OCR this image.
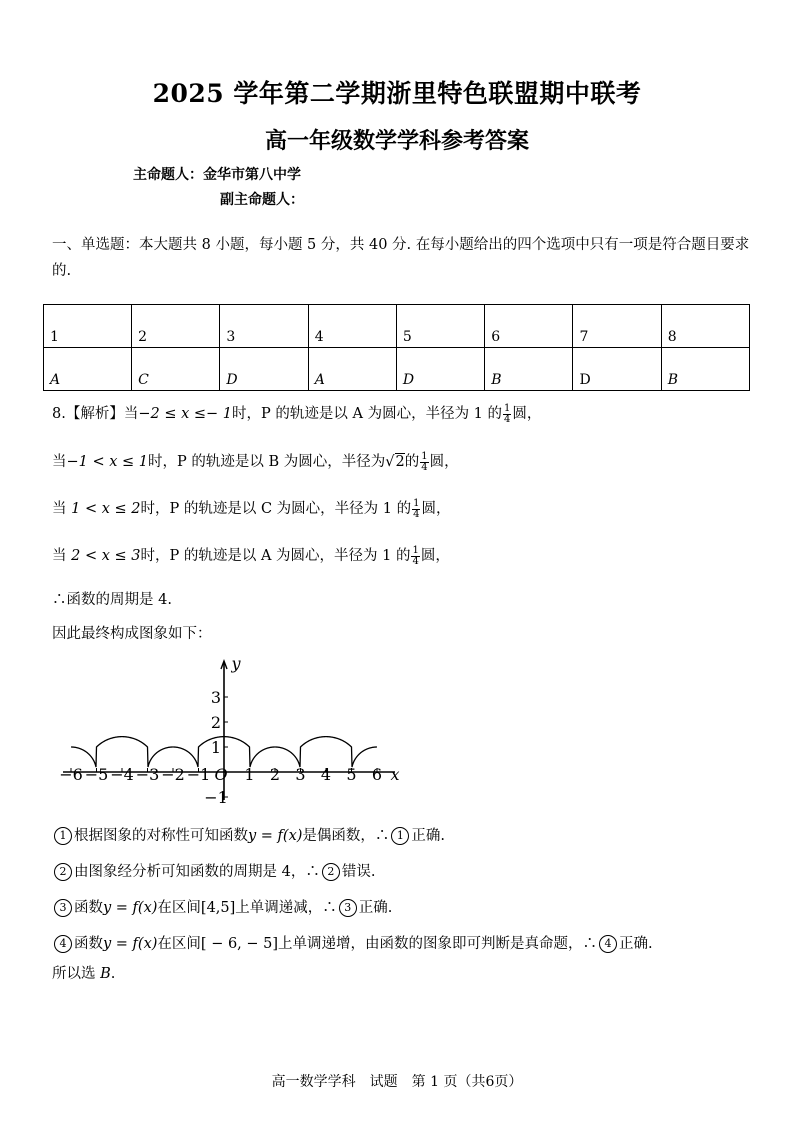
2025 学年第二学期浙里特色联盟期中联考
高一年级数学学科参考答案
主命题人：金华市第八中学
副主命题人：
一、单选题：本大题共 8 小题，每小题 5 分，共 40 分. 在每小题给出的四个选项中只有一项是符合题目要求的.
1	2	3	4	5	6	7	8
A	C	D	A	D	B	D	B
8.【解析】当−2 ≤ x ≤− 1时，P 的轨迹是以 A 为圆心，半径为 1 的 $\frac{1}{4}$ 圆，
当−1 < x ≤ 1时，P 的轨迹是以 B 为圆心，半径为√2的 $\frac{1}{4}$ 圆，
当 1 < x ≤ 2时，P 的轨迹是以 C 为圆心，半径为 1 的 $\frac{1}{4}$ 圆，
当 2 < x ≤ 3时，P 的轨迹是以 A 为圆心，半径为 1 的 $\frac{1}{4}$ 圆，
∴函数的周期是 4.
因此最终构成图象如下：
−6 −5 −4 −3 −2 −1 1 2 3 4 5 6
3
2
1
−1
O	x
y
1 根据图象的对称性可知函数y = f(x)是偶函数，∴ 1 正确.
2 由图象经分析可知函数的周期是 4，∴ 2 错误.
3 函数y = f(x)在区间[4,5]上单调递减，∴ 3 正确.
4 函数y = f(x)在区间[ − 6, − 5]上单调递增，由函数的图象即可判断是真命题，∴ 4 正确.
所以选 B.
高一数学学科　试题　第 1 页（共6页）
